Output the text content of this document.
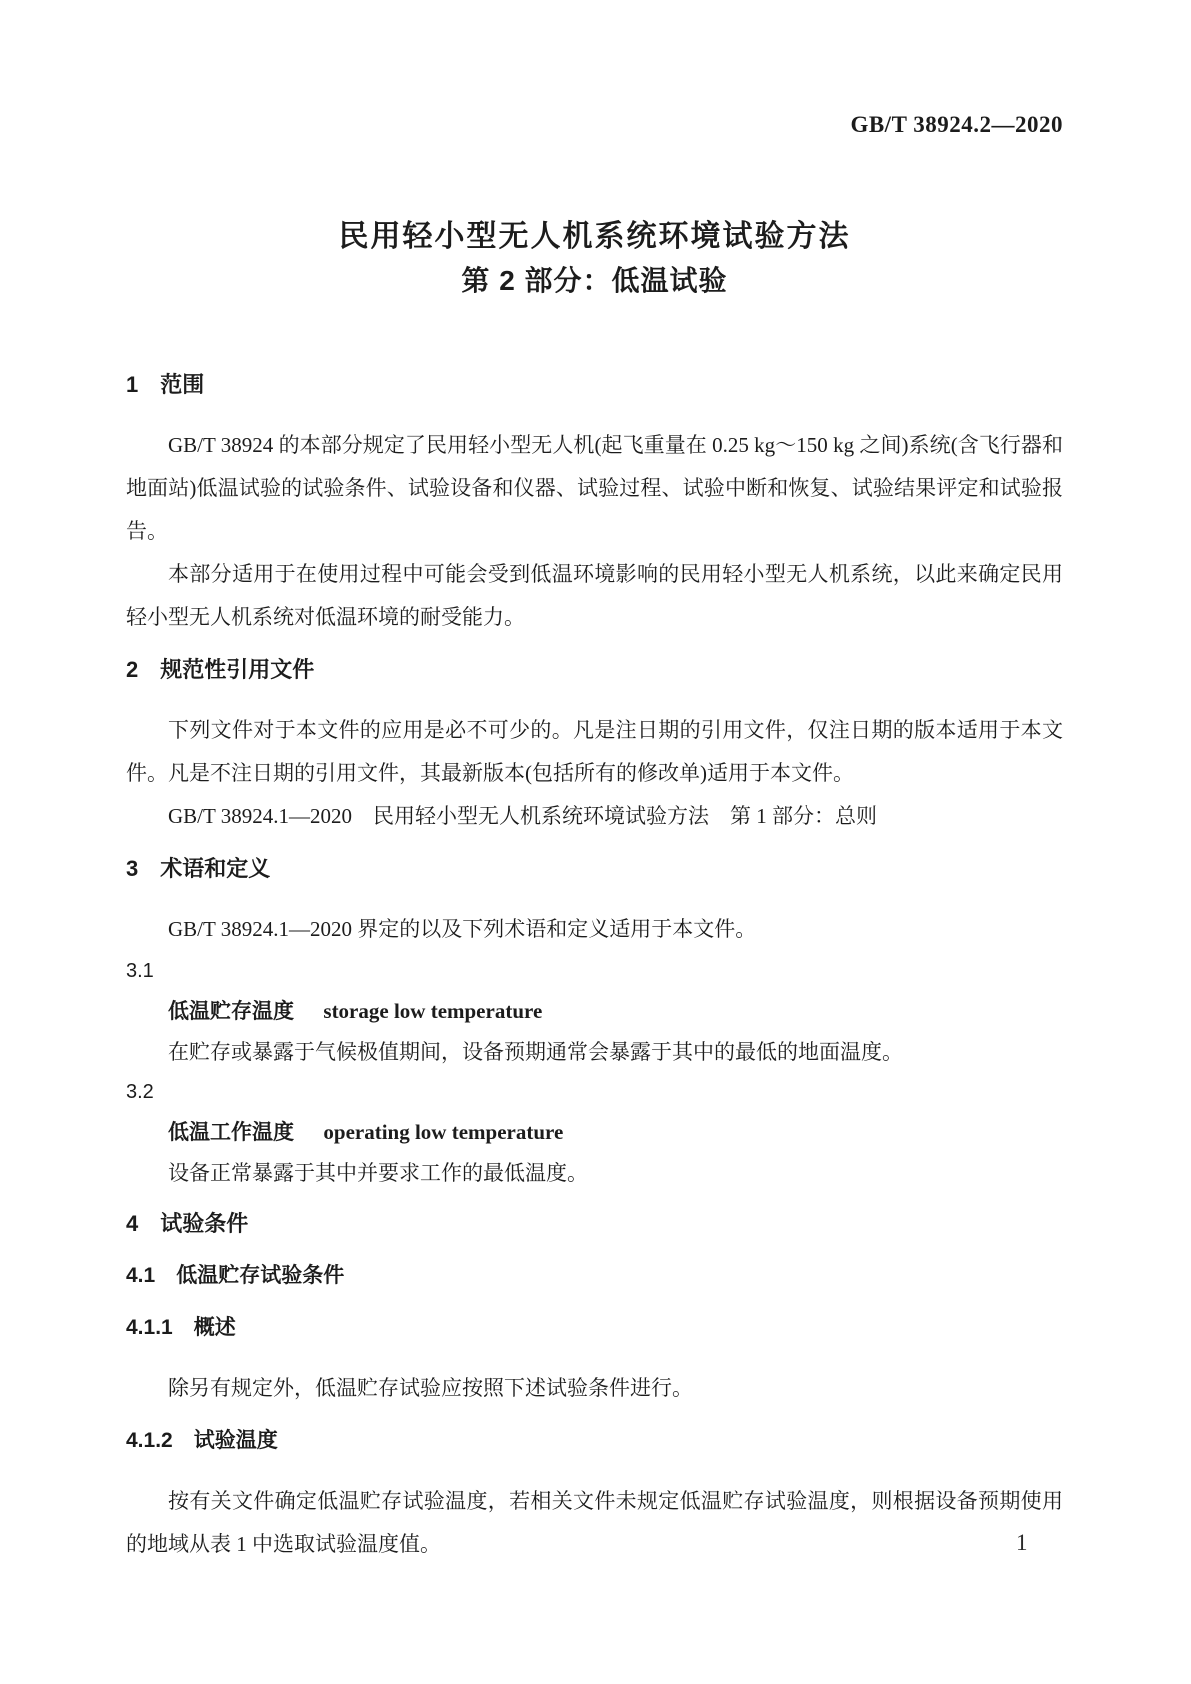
GB/T 38924.2—2020
民用轻小型无人机系统环境试验方法
第 2 部分：低温试验
1　范围

GB/T 38924 的本部分规定了民用轻小型无人机(起飞重量在 0.25 kg～150 kg 之间)系统(含飞行器和地面站)低温试验的试验条件、试验设备和仪器、试验过程、试验中断和恢复、试验结果评定和试验报告。

本部分适用于在使用过程中可能会受到低温环境影响的民用轻小型无人机系统，以此来确定民用轻小型无人机系统对低温环境的耐受能力。

2　规范性引用文件

下列文件对于本文件的应用是必不可少的。凡是注日期的引用文件，仅注日期的版本适用于本文件。凡是不注日期的引用文件，其最新版本(包括所有的修改单)适用于本文件。

GB/T 38924.1—2020　民用轻小型无人机系统环境试验方法　第 1 部分：总则

3　术语和定义

GB/T 38924.1—2020 界定的以及下列术语和定义适用于本文件。

3.1
低温贮存温度 storage low temperature

在贮存或暴露于气候极值期间，设备预期通常会暴露于其中的最低的地面温度。

3.2
低温工作温度 operating low temperature

设备正常暴露于其中并要求工作的最低温度。

4　试验条件
4.1　低温贮存试验条件
4.1.1　概述

除另有规定外，低温贮存试验应按照下述试验条件进行。

4.1.2　试验温度

按有关文件确定低温贮存试验温度，若相关文件未规定低温贮存试验温度，则根据设备预期使用的地域从表 1 中选取试验温度值。	1
